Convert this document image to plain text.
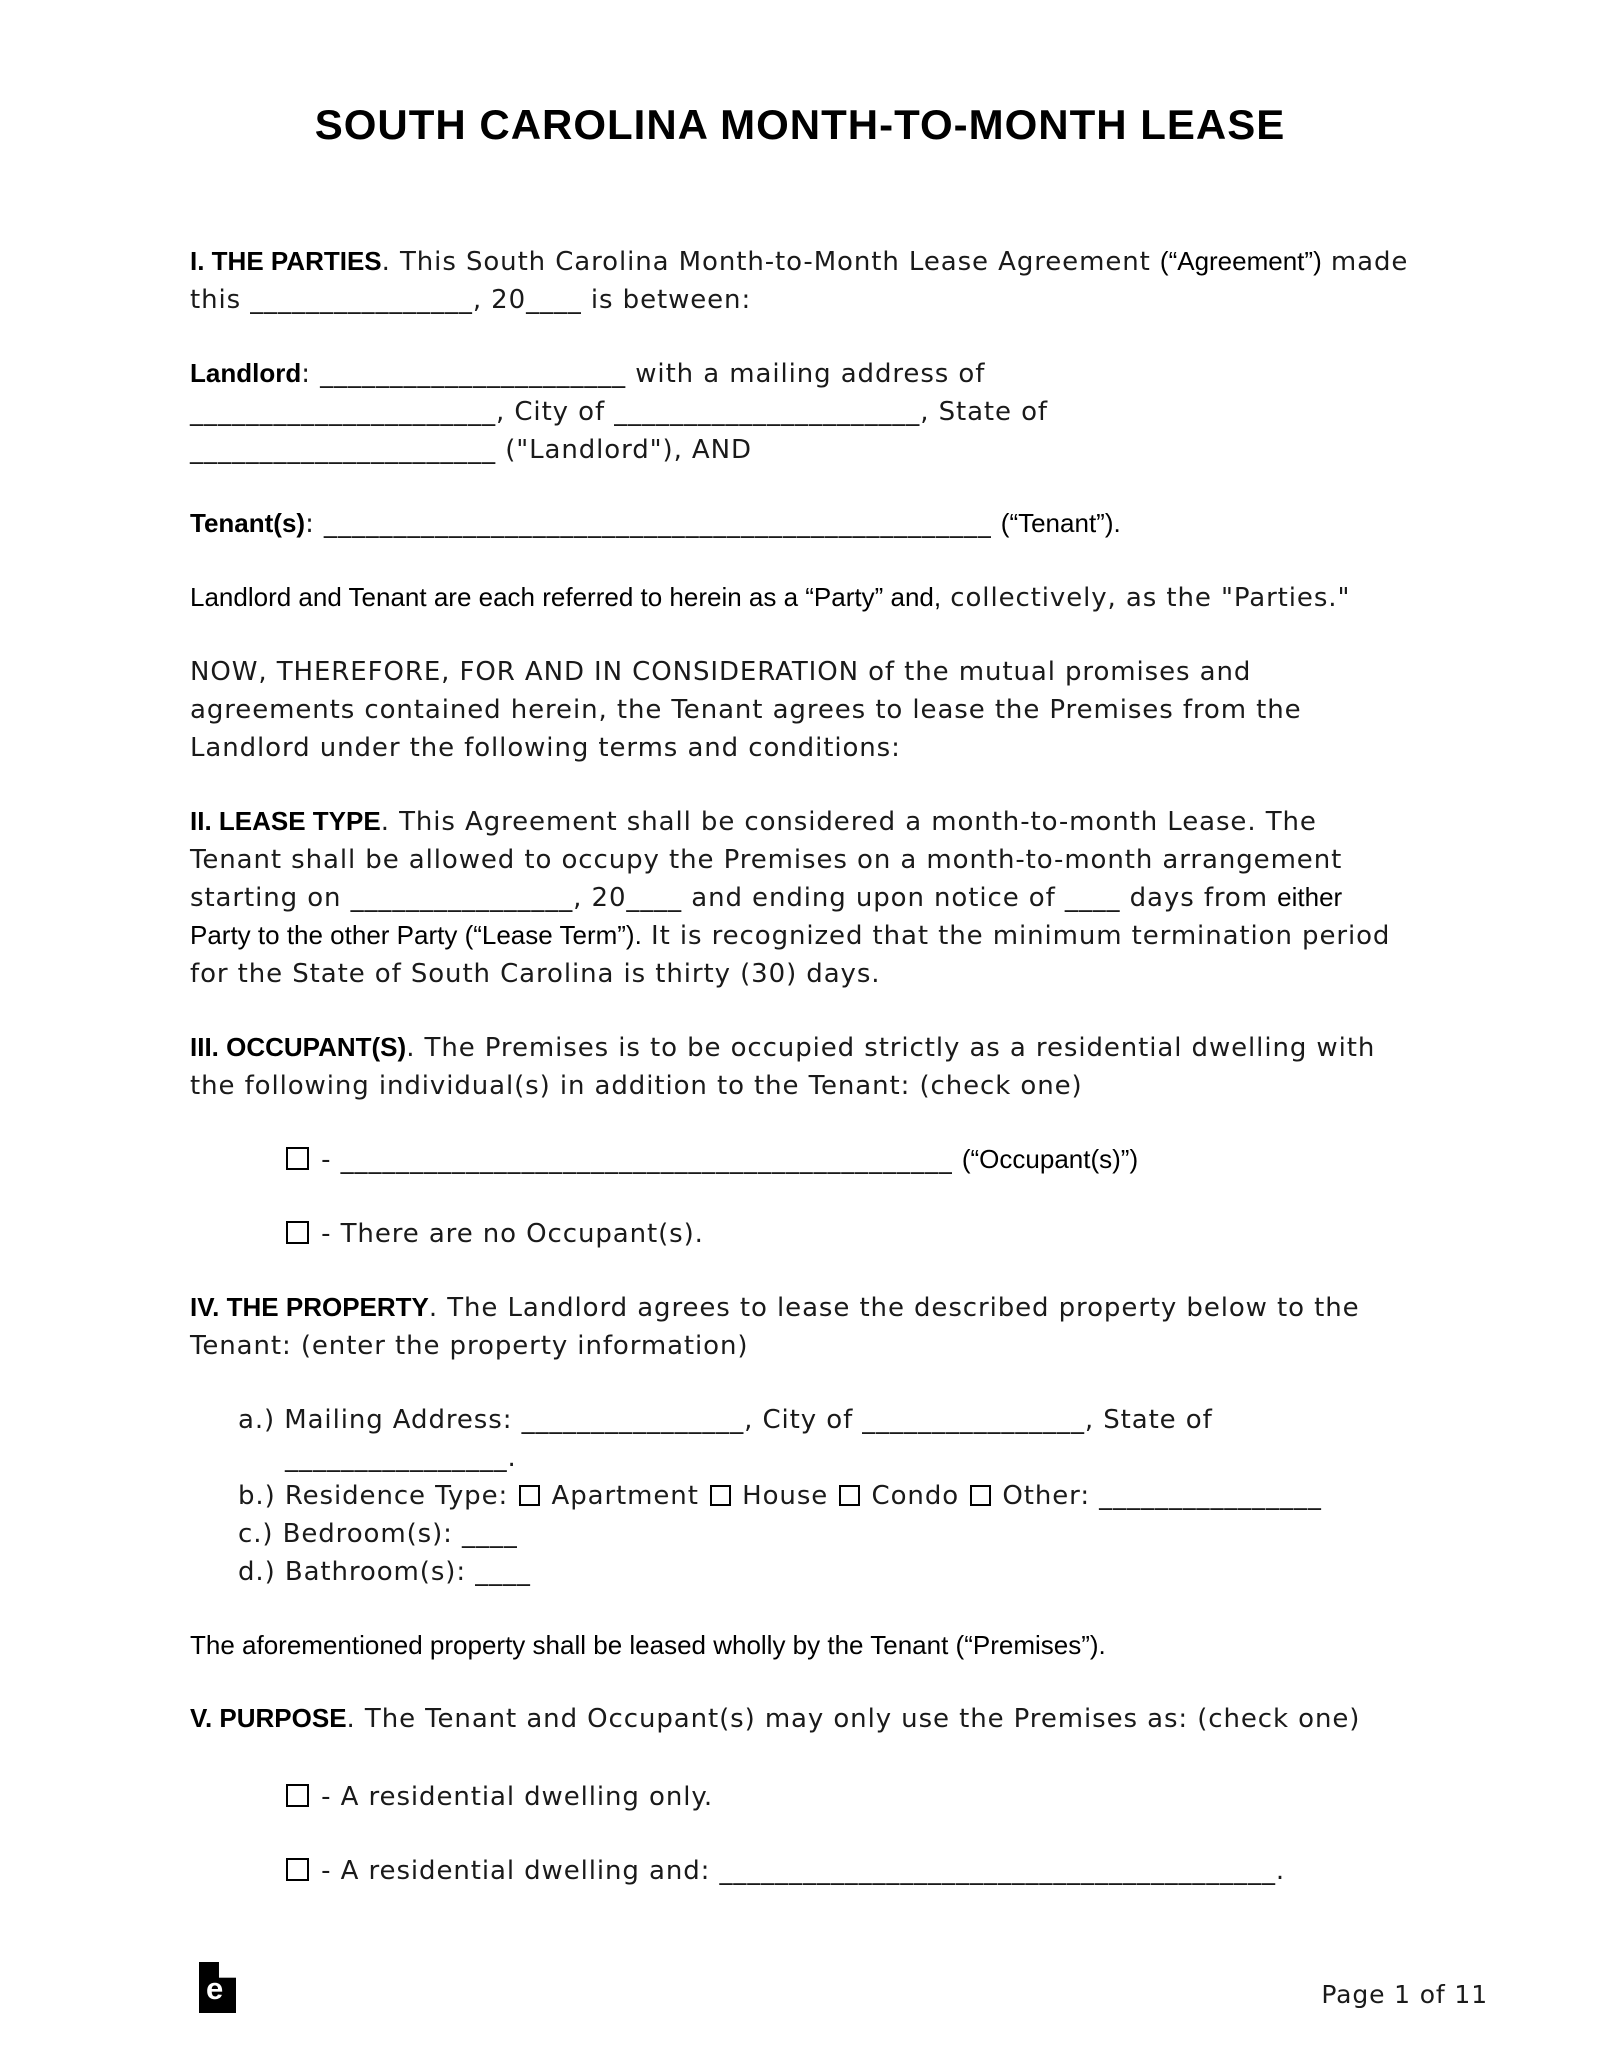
SOUTH CAROLINA MONTH-TO-MONTH LEASE

I. THE PARTIES. This South Carolina Month-to-Month Lease Agreement (“Agreement”) made this ________________, 20____ is between:

Landlord: ______________________ with a mailing address of
______________________, City of ______________________, State of
______________________ ("Landlord"), AND

Tenant(s): ________________________________________________ (“Tenant”).

Landlord and Tenant are each referred to herein as a “Party” and, collectively, as the "Parties."

NOW, THEREFORE, FOR AND IN CONSIDERATION of the mutual promises and agreements contained herein, the Tenant agrees to lease the Premises from the Landlord under the following terms and conditions:

II. LEASE TYPE. This Agreement shall be considered a month-to-month Lease. The Tenant shall be allowed to occupy the Premises on a month-to-month arrangement starting on ________________, 20____ and ending upon notice of ____ days from either Party to the other Party (“Lease Term”). It is recognized that the minimum termination period for the State of South Carolina is thirty (30) days.

III. OCCUPANT(S). The Premises is to be occupied strictly as a residential dwelling with the following individual(s) in addition to the Tenant: (check one)

- ____________________________________________ (“Occupant(s)”)

- There are no Occupant(s).

IV. THE PROPERTY. The Landlord agrees to lease the described property below to the Tenant: (enter the property information)

a.) Mailing Address: ________________, City of ________________, State of
________________.

b.) Residence Type:  Apartment  House  Condo  Other: ________________

c.) Bedroom(s): ____

d.) Bathroom(s): ____

The aforementioned property shall be leased wholly by the Tenant (“Premises”).

V. PURPOSE. The Tenant and Occupant(s) may only use the Premises as: (check one)

- A residential dwelling only.

- A residential dwelling and: ________________________________________.

e	Page 1 of 11
